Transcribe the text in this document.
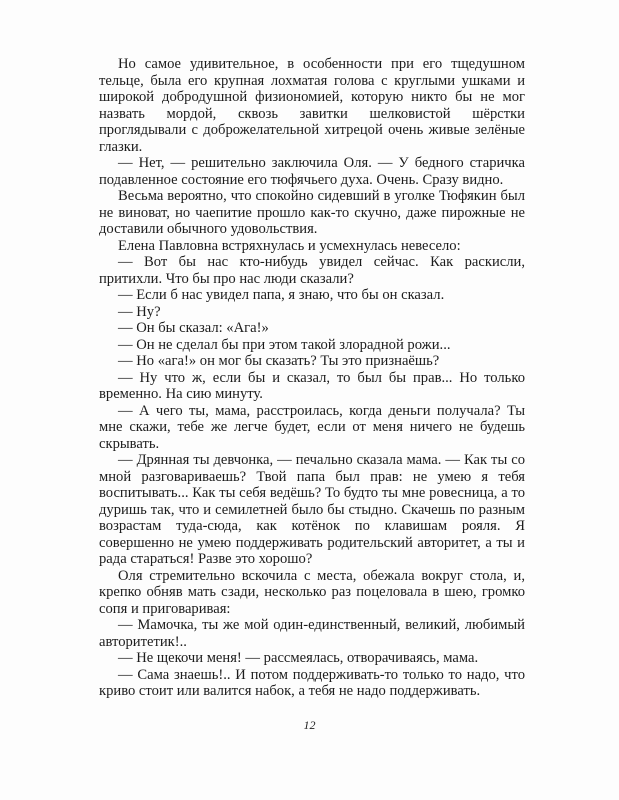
Но самое удивительное, в особенности при его тщедушном тельце, была его крупная лохматая голова с круглыми ушками и широкой добродушной физиономией, которую никто бы не мог назвать мордой, сквозь завитки шелковистой шёрстки проглядывали с доброжелательной хитрецой очень живые зелёные глазки.

— Нет, — решительно заключила Оля. — У бедного старичка подавленное состояние его тюфячьего духа. Очень. Сразу видно.

Весьма вероятно, что спокойно сидевший в уголке Тюфякин был не виноват, но чаепитие прошло как-то скучно, даже пирожные не доставили обычного удовольствия.

Елена Павловна встряхнулась и усмехнулась невесело:

— Вот бы нас кто-нибудь увидел сейчас. Как раскисли, притихли. Что бы про нас люди сказали?

— Если б нас увидел папа, я знаю, что бы он сказал.

— Ну?

— Он бы сказал: «Ага!»

— Он не сделал бы при этом такой злорадной рожи...

— Но «ага!» он мог бы сказать? Ты это признаёшь?

— Ну что ж, если бы и сказал, то был бы прав... Но только временно. На сию минуту.

— А чего ты, мама, расстроилась, когда деньги получала? Ты мне скажи, тебе же легче будет, если от меня ничего не будешь скрывать.

— Дрянная ты девчонка, — печально сказала мама. — Как ты со мной разговариваешь? Твой папа был прав: не умею я тебя воспитывать... Как ты себя ведёшь? То будто ты мне ровесница, а то дуришь так, что и семилетней было бы стыдно. Скачешь по разным возрастам туда-сюда, как котёнок по клавишам рояля. Я совершенно не умею поддерживать родительский авторитет, а ты и рада стараться! Разве это хорошо?

Оля стремительно вскочила с места, обежала вокруг стола, и, крепко обняв мать сзади, несколько раз поцеловала в шею, громко сопя и приговаривая:

— Мамочка, ты же мой один-единственный, великий, любимый авторитетик!..

— Не щекочи меня! — рассмеялась, отворачиваясь, мама.

— Сама знаешь!.. И потом поддерживать-то только то надо, что криво стоит или валится набок, а тебя не надо поддерживать.

12
